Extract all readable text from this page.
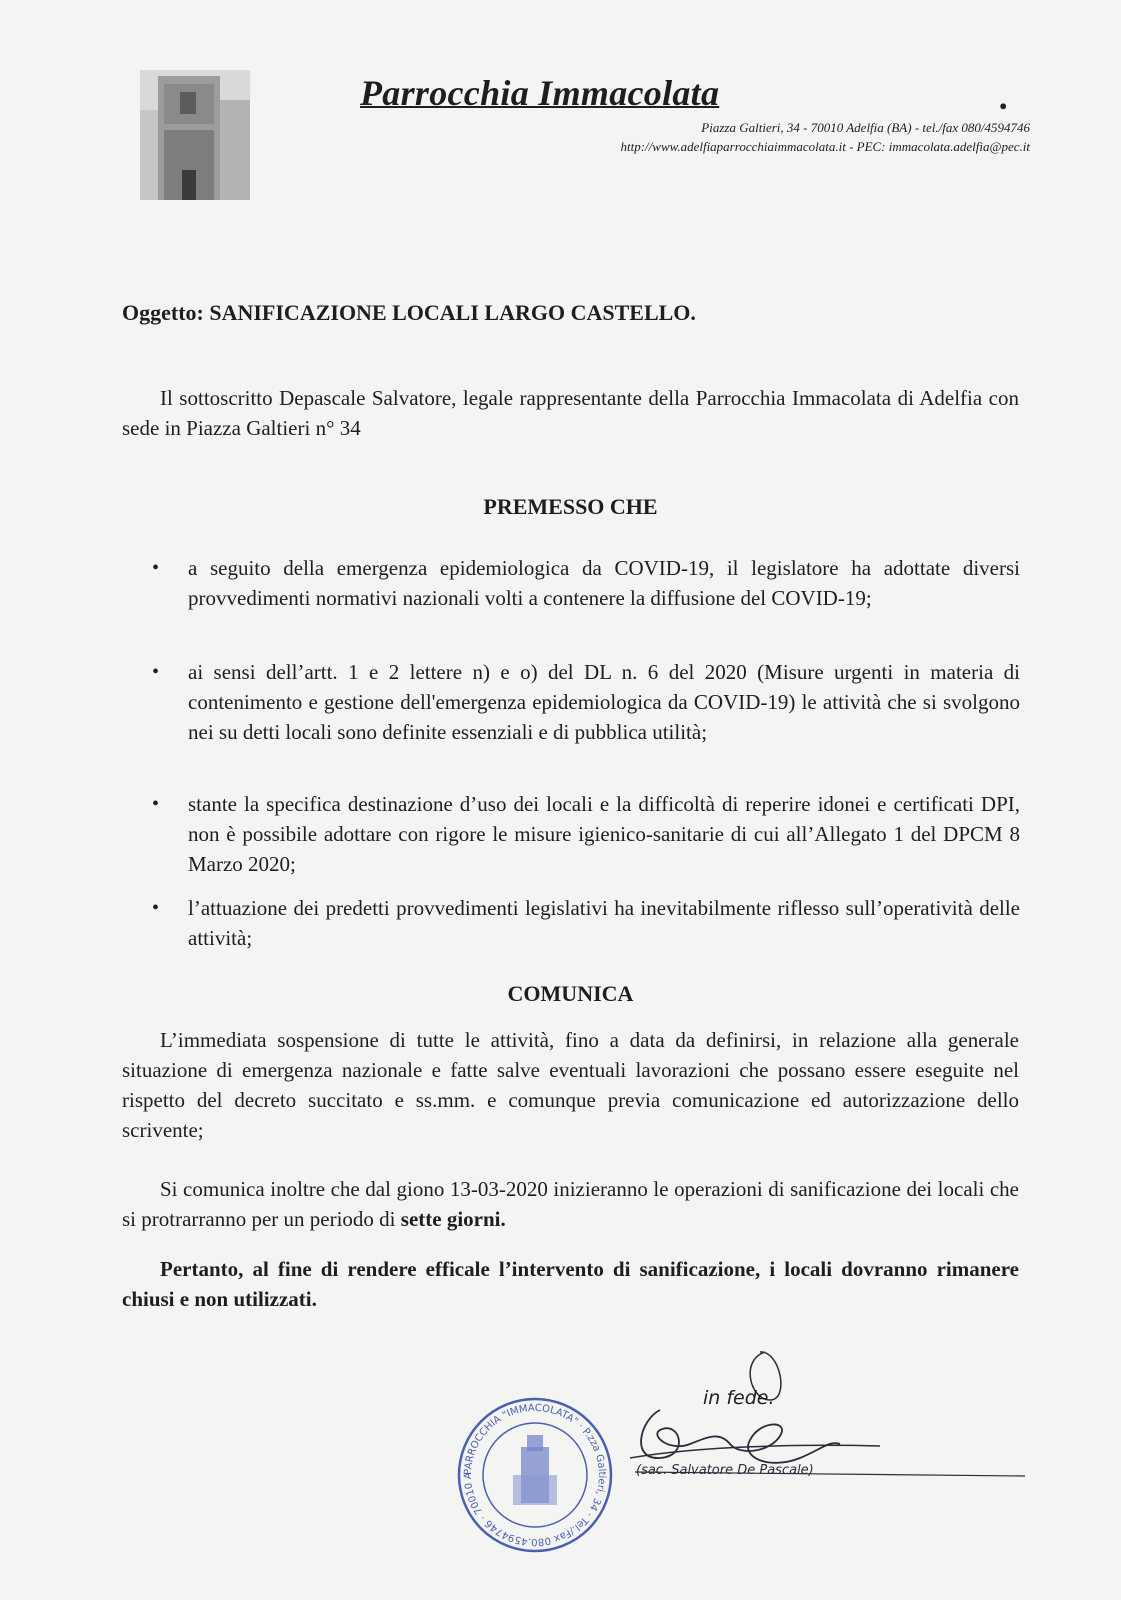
Parrocchia Immacolata	.
Piazza Galtieri, 34 - 70010 Adelfia (BA) - tel./fax 080/4594746
http://www.adelfiaparrocchiaimmacolata.it - PEC: immacolata.adelfia@pec.it
Oggetto: SANIFICAZIONE LOCALI LARGO CASTELLO.
Il sottoscritto Depascale Salvatore, legale rappresentante della Parrocchia Immacolata di Adelfia con sede in Piazza Galtieri n° 34
PREMESSO CHE
• a seguito della emergenza epidemiologica da COVID-19, il legislatore ha adottate diversi provvedimenti normativi nazionali volti a contenere la diffusione del COVID-19;
• ai sensi dell’artt. 1 e 2 lettere n) e o) del DL n. 6 del 2020 (Misure urgenti in materia di contenimento e gestione dell'emergenza epidemiologica da COVID-19) le attività che si svolgono nei su detti locali sono definite essenziali e di pubblica utilità;
• stante la specifica destinazione d’uso dei locali e la difficoltà di reperire idonei e certificati DPI, non è possibile adottare con rigore le misure igienico-sanitarie di cui all’Allegato 1 del DPCM 8 Marzo 2020;
• l’attuazione dei predetti provvedimenti legislativi ha inevitabilmente riflesso sull’operatività delle attività;
COMUNICA
L’immediata sospensione di tutte le attività, fino a data da definirsi, in relazione alla generale situazione di emergenza nazionale e fatte salve eventuali lavorazioni che possano essere eseguite nel rispetto del decreto succitato e ss.mm. e comunque previa comunicazione ed autorizzazione dello scrivente;
Si comunica inoltre che dal giono 13-03-2020 inizieranno le operazioni di sanificazione dei locali che si protrarranno per un periodo di sette giorni.
Pertanto, al fine di rendere efficale l’intervento di sanificazione, i locali dovranno rimanere chiusi e non utilizzati.
PARROCCHIA "IMMACOLATA" · P.zza Galtieri, 34 · Tel./Fax 080.4594746 · 70010 A
in fede.
(sac. Salvatore De Pascale)
